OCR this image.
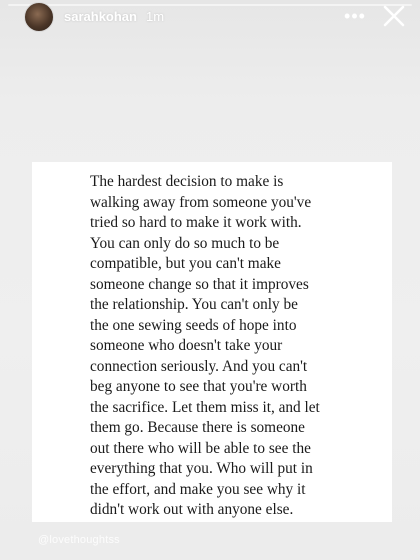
sarahkohan 1m	•••

The hardest decision to make is
walking away from someone you've
tried so hard to make it work with.
You can only do so much to be
compatible, but you can't make
someone change so that it improves
the relationship. You can't only be
the one sewing seeds of hope into
someone who doesn't take your
connection seriously. And you can't
beg anyone to see that you're worth
the sacrifice. Let them miss it, and let
them go. Because there is someone
out there who will be able to see the
everything that you. Who will put in
the effort, and make you see why it
didn't work out with anyone else.

@lovethoughtss
